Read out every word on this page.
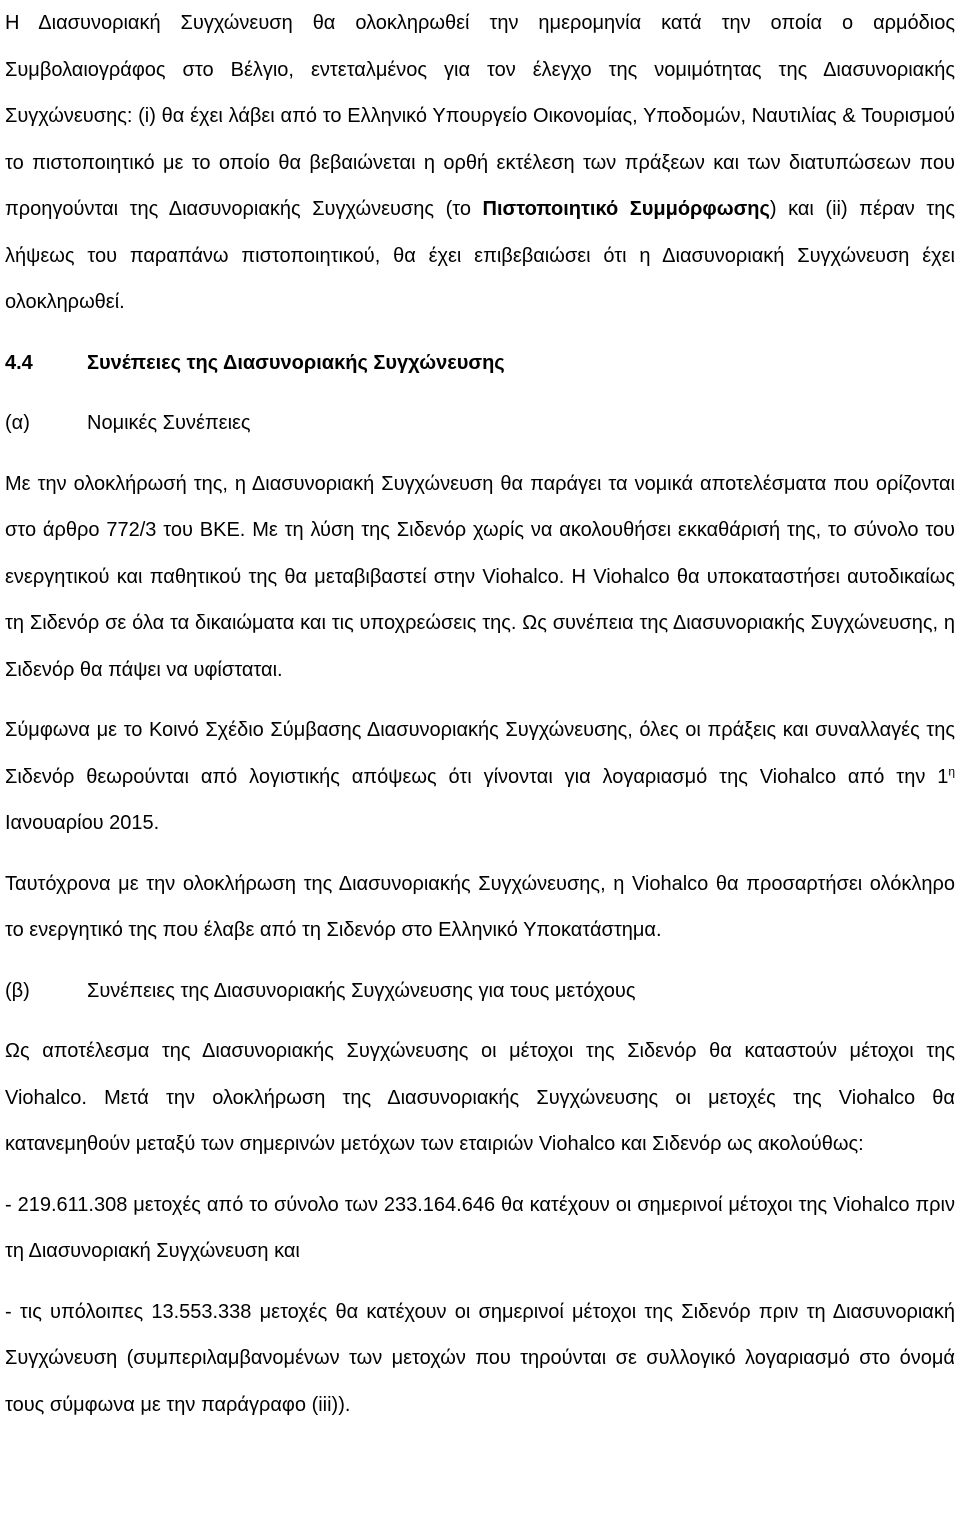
Η Διασυνοριακή Συγχώνευση θα ολοκληρωθεί την ημερομηνία κατά την οποία ο αρμόδιος Συμβολαιογράφος στο Βέλγιο, εντεταλμένος για τον έλεγχο της νομιμότητας της Διασυνοριακής Συγχώνευσης: (i) θα έχει λάβει από το Ελληνικό Υπουργείο Οικονομίας, Υποδομών, Ναυτιλίας & Τουρισμού το πιστοποιητικό με το οποίο θα βεβαιώνεται η ορθή εκτέλεση των πράξεων και των διατυπώσεων που προηγούνται της Διασυνοριακής Συγχώνευσης (το Πιστοποιητικό Συμμόρφωσης) και (ii) πέραν της λήψεως του παραπάνω πιστοποιητικού, θα έχει επιβεβαιώσει ότι η Διασυνοριακή Συγχώνευση έχει ολοκληρωθεί.

4.4	Συνέπειες της Διασυνοριακής Συγχώνευσης
(α)	Νομικές Συνέπειες

Με την ολοκλήρωσή της, η Διασυνοριακή Συγχώνευση θα παράγει τα νομικά αποτελέσματα που ορίζονται στο άρθρο 772/3 του ΒΚΕ. Με τη λύση της Σιδενόρ χωρίς να ακολουθήσει εκκαθάρισή της, το σύνολο του ενεργητικού και παθητικού της θα μεταβιβαστεί στην Viohalco. Η Viohalco θα υποκαταστήσει αυτοδικαίως τη Σιδενόρ σε όλα τα δικαιώματα και τις υποχρεώσεις της. Ως συνέπεια της Διασυνοριακής Συγχώνευσης, η Σιδενόρ θα πάψει να υφίσταται.

Σύμφωνα με το Κοινό Σχέδιο Σύμβασης Διασυνοριακής Συγχώνευσης, όλες οι πράξεις και συναλλαγές της Σιδενόρ θεωρούνται από λογιστικής απόψεως ότι γίνονται για λογαριασμό της Viohalco από την $1^\eta$ Ιανουαρίου 2015.

Ταυτόχρονα με την ολοκλήρωση της Διασυνοριακής Συγχώνευσης, η Viohalco θα προσαρτήσει ολόκληρο το ενεργητικό της που έλαβε από τη Σιδενόρ στο Ελληνικό Υποκατάστημα.

(β)	Συνέπειες της Διασυνοριακής Συγχώνευσης για τους μετόχους

Ως αποτέλεσμα της Διασυνοριακής Συγχώνευσης οι μέτοχοι της Σιδενόρ θα καταστούν μέτοχοι της Viohalco. Μετά την ολοκλήρωση της Διασυνοριακής Συγχώνευσης οι μετοχές της Viohalco θα κατανεμηθούν μεταξύ των σημερινών μετόχων των εταιριών Viohalco και Σιδενόρ ως ακολούθως:

- 219.611.308 μετοχές από το σύνολο των 233.164.646 θα κατέχουν οι σημερινοί μέτοχοι της Viohalco πριν τη Διασυνοριακή Συγχώνευση και

- τις υπόλοιπες 13.553.338 μετοχές θα κατέχουν οι σημερινοί μέτοχοι της Σιδενόρ πριν τη Διασυνοριακή Συγχώνευση (συμπεριλαμβανομένων των μετοχών που τηρούνται σε συλλογικό λογαριασμό στο όνομά τους σύμφωνα με την παράγραφο (iii)).
